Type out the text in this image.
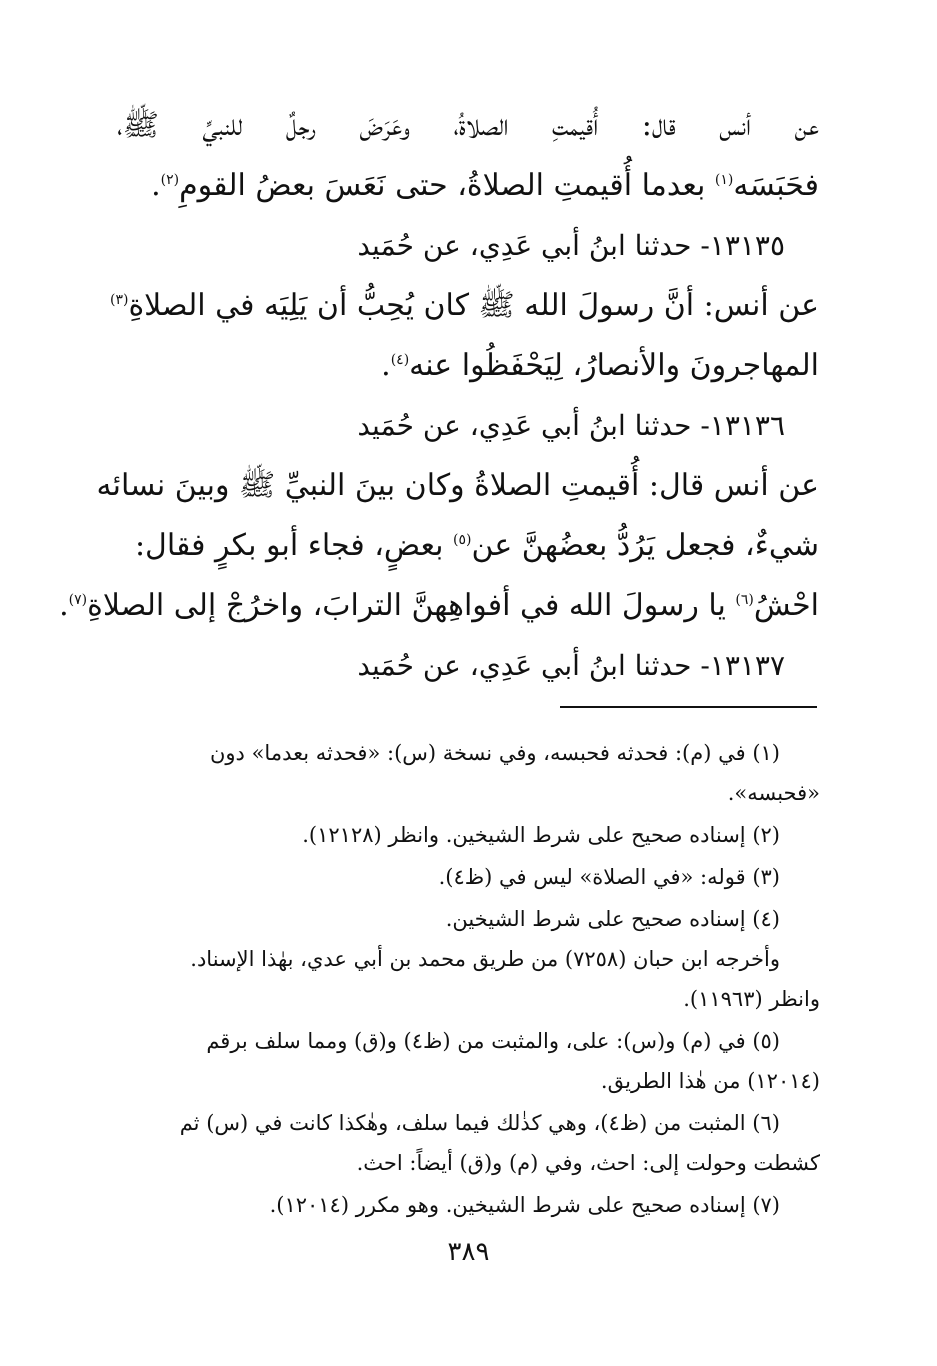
عن أنس قال: أُقيمتِ الصلاةُ، وعَرَضَ رجلٌ للنبيِّ ﷺ،
فحَبَسَه$^{(١)}$ بعدما أُقيمتِ الصلاةُ، حتى نَعَسَ بعضُ القومِ$^{(٢)}$.
١٣١٣٥- حدثنا ابنُ أبي عَدِي، عن حُمَيد
عن أنس: أنَّ رسولَ الله ﷺ كان يُحِبُّ أن يَلِيَه في الصلاةِ$^{(٣)}$
المهاجرونَ والأنصارُ، لِيَحْفَظُوا عنه$^{(٤)}$.
١٣١٣٦- حدثنا ابنُ أبي عَدِي، عن حُمَيد
عن أنس قال: أُقيمتِ الصلاةُ وكان بينَ النبيِّ ﷺ وبينَ نسائه
شيءٌ، فجعل يَرُدُّ بعضُهنَّ عن$^{(٥)}$ بعضٍ، فجاء أبو بكرٍ فقال:
احْشُ$^{(٦)}$ يا رسولَ الله في أفواهِهنَّ الترابَ، واخرُجْ إلى الصلاةِ$^{(٧)}$.
١٣١٣٧- حدثنا ابنُ أبي عَدِي، عن حُمَيد
(١) في (م): فحدثه فحبسه، وفي نسخة (س): «فحدثه بعدما» دون
«فحبسه».
(٢) إسناده صحيح على شرط الشيخين. وانظر (١٢١٢٨).
(٣) قوله: «في الصلاة» ليس في (ظ٤).
(٤) إسناده صحيح على شرط الشيخين.
وأخرجه ابن حبان (٧٢٥٨) من طريق محمد بن أبي عدي، بهٰذا الإسناد.
وانظر (١١٩٦٣).
(٥) في (م) و(س): على، والمثبت من (ظ٤) و(ق) ومما سلف برقم
(١٢٠١٤) من هٰذا الطريق.
(٦) المثبت من (ظ٤)، وهي كذٰلك فيما سلف، وهٰكذا كانت في (س) ثم
كشطت وحولت إلى: احث، وفي (م) و(ق) أيضاً: احث.
(٧) إسناده صحيح على شرط الشيخين. وهو مكرر (١٢٠١٤).
٣٨٩
